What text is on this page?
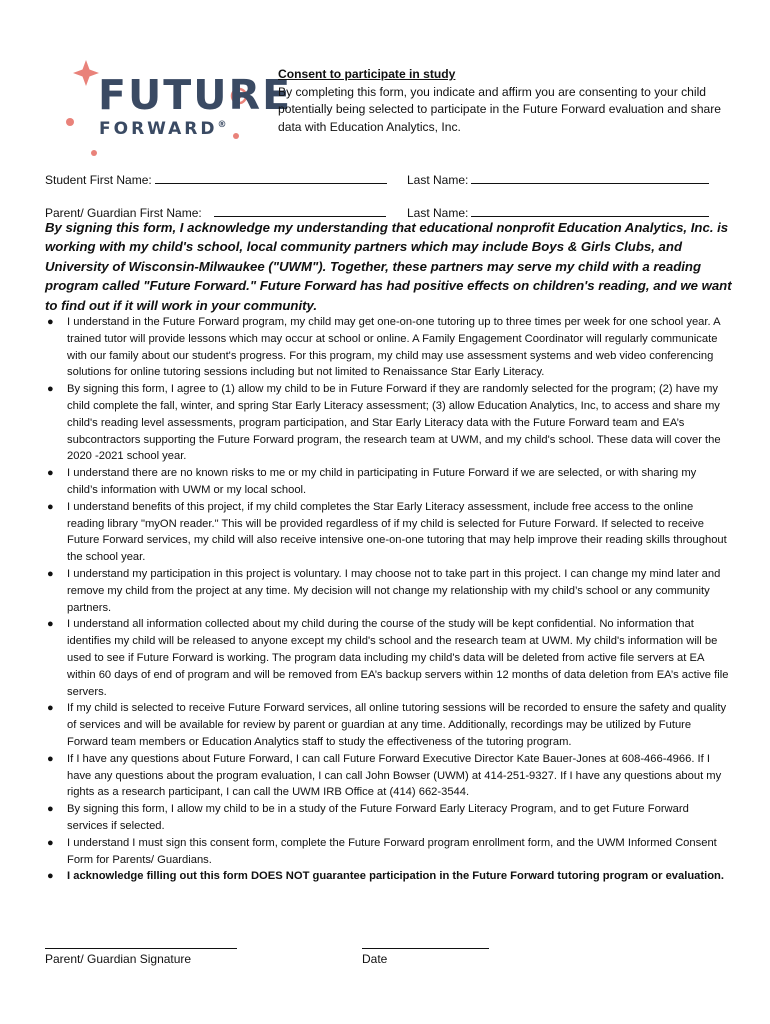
FUTURE
FORWARD®
Consent to participate in study
By completing this form, you indicate and affirm you are consenting to your child potentially being selected to participate in the Future Forward evaluation and share data with Education Analytics, Inc.
Student First Name:	Last Name:
Parent/ Guardian First Name:	Last Name:
By signing this form, I acknowledge my understanding that educational nonprofit Education Analytics, Inc. is working with my child's school, local community partners which may include Boys & Girls Clubs, and University of Wisconsin-Milwaukee ("UWM"). Together, these partners may serve my child with a reading program called "Future Forward." Future Forward has had positive effects on children's reading, and we want to find out if it will work in your community.
● I understand in the Future Forward program, my child may get one-on-one tutoring up to three times per week for one school year. A trained tutor will provide lessons which may occur at school or online. A Family Engagement Coordinator will regularly communicate with our family about our student's progress. For this program, my child may use assessment systems and web video conferencing solutions for online tutoring sessions including but not limited to Renaissance Star Early Literacy.
● By signing this form, I agree to (1) allow my child to be in Future Forward if they are randomly selected for the program; (2) have my child complete the fall, winter, and spring Star Early Literacy assessment; (3) allow Education Analytics, Inc, to access and share my child's reading level assessments, program participation, and Star Early Literacy data with the Future Forward team and EA’s subcontractors supporting the Future Forward program, the research team at UWM, and my child's school. These data will cover the 2020 -2021 school year.
● I understand there are no known risks to me or my child in participating in Future Forward if we are selected, or with sharing my child’s information with UWM or my local school.
● I understand benefits of this project, if my child completes the Star Early Literacy assessment, include free access to the online reading library "myON reader." This will be provided regardless of if my child is selected for Future Forward. If selected to receive Future Forward services, my child will also receive intensive one-on-one tutoring that may help improve their reading skills throughout the school year.
● I understand my participation in this project is voluntary. I may choose not to take part in this project. I can change my mind later and remove my child from the project at any time. My decision will not change my relationship with my child’s school or any community partners.
● I understand all information collected about my child during the course of the study will be kept confidential. No information that identifies my child will be released to anyone except my child's school and the research team at UWM. My child's information will be used to see if Future Forward is working. The program data including my child's data will be deleted from active file servers at EA within 60 days of end of program and will be removed from EA’s backup servers within 12 months of data deletion from EA’s active file servers.
● If my child is selected to receive Future Forward services, all online tutoring sessions will be recorded to ensure the safety and quality of services and will be available for review by parent or guardian at any time. Additionally, recordings may be utilized by Future Forward team members or Education Analytics staff to study the effectiveness of the tutoring program.
● If I have any questions about Future Forward, I can call Future Forward Executive Director Kate Bauer-Jones at 608-466-4966. If I have any questions about the program evaluation, I can call John Bowser (UWM) at 414-251-9327. If I have any questions about my rights as a research participant, I can call the UWM IRB Office at (414) 662-3544.
● By signing this form, I allow my child to be in a study of the Future Forward Early Literacy Program, and to get Future Forward services if selected.
● I understand I must sign this consent form, complete the Future Forward program enrollment form, and the UWM Informed Consent Form for Parents/ Guardians.
● I acknowledge filling out this form DOES NOT guarantee participation in the Future Forward tutoring program or evaluation.
Parent/ Guardian Signature	Date
